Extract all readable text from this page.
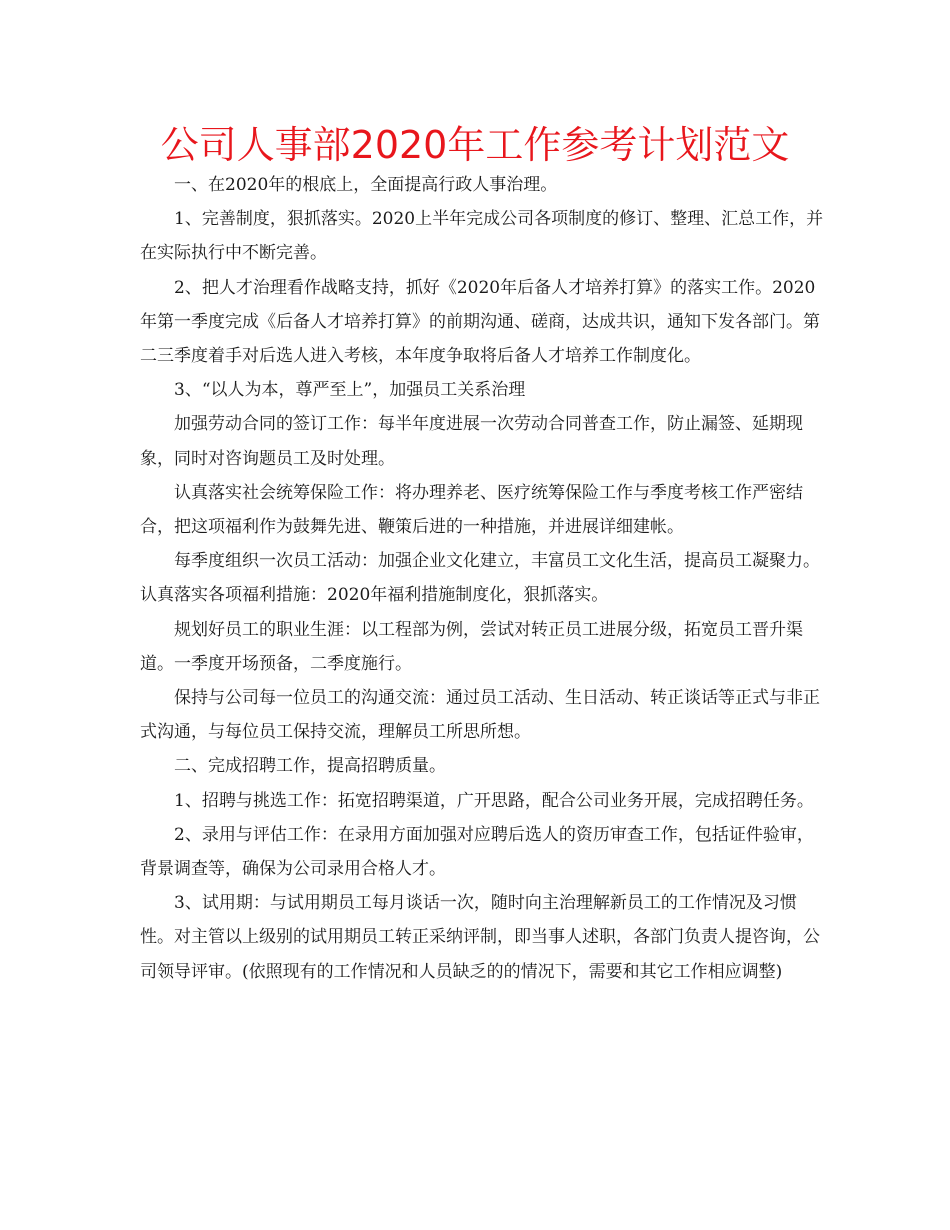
公司人事部2020年工作参考计划范文

一、在2020年的根底上，全面提高行政人事治理。

1、完善制度，狠抓落实。2020上半年完成公司各项制度的修订、整理、汇总工作，并在实际执行中不断完善。

2、把人才治理看作战略支持，抓好《2020年后备人才培养打算》的落实工作。2020年第一季度完成《后备人才培养打算》的前期沟通、磋商，达成共识，通知下发各部门。第二三季度着手对后选人进入考核，本年度争取将后备人才培养工作制度化。

3、“以人为本，尊严至上”，加强员工关系治理

加强劳动合同的签订工作：每半年度进展一次劳动合同普查工作，防止漏签、延期现象，同时对咨询题员工及时处理。

认真落实社会统筹保险工作：将办理养老、医疗统筹保险工作与季度考核工作严密结合，把这项福利作为鼓舞先进、鞭策后进的一种措施，并进展详细建帐。

每季度组织一次员工活动：加强企业文化建立，丰富员工文化生活，提高员工凝聚力。认真落实各项福利措施：2020年福利措施制度化，狠抓落实。

规划好员工的职业生涯：以工程部为例，尝试对转正员工进展分级，拓宽员工晋升渠道。一季度开场预备，二季度施行。

保持与公司每一位员工的沟通交流：通过员工活动、生日活动、转正谈话等正式与非正式沟通，与每位员工保持交流，理解员工所思所想。

二、完成招聘工作，提高招聘质量。

1、招聘与挑选工作：拓宽招聘渠道，广开思路，配合公司业务开展，完成招聘任务。

2、录用与评估工作：在录用方面加强对应聘后选人的资历审查工作，包括证件验审，背景调查等，确保为公司录用合格人才。

3、试用期：与试用期员工每月谈话一次，随时向主治理解新员工的工作情况及习惯性。对主管以上级别的试用期员工转正采纳评制，即当事人述职，各部门负责人提咨询，公司领导评审。(依照现有的工作情况和人员缺乏的的情况下，需要和其它工作相应调整)
